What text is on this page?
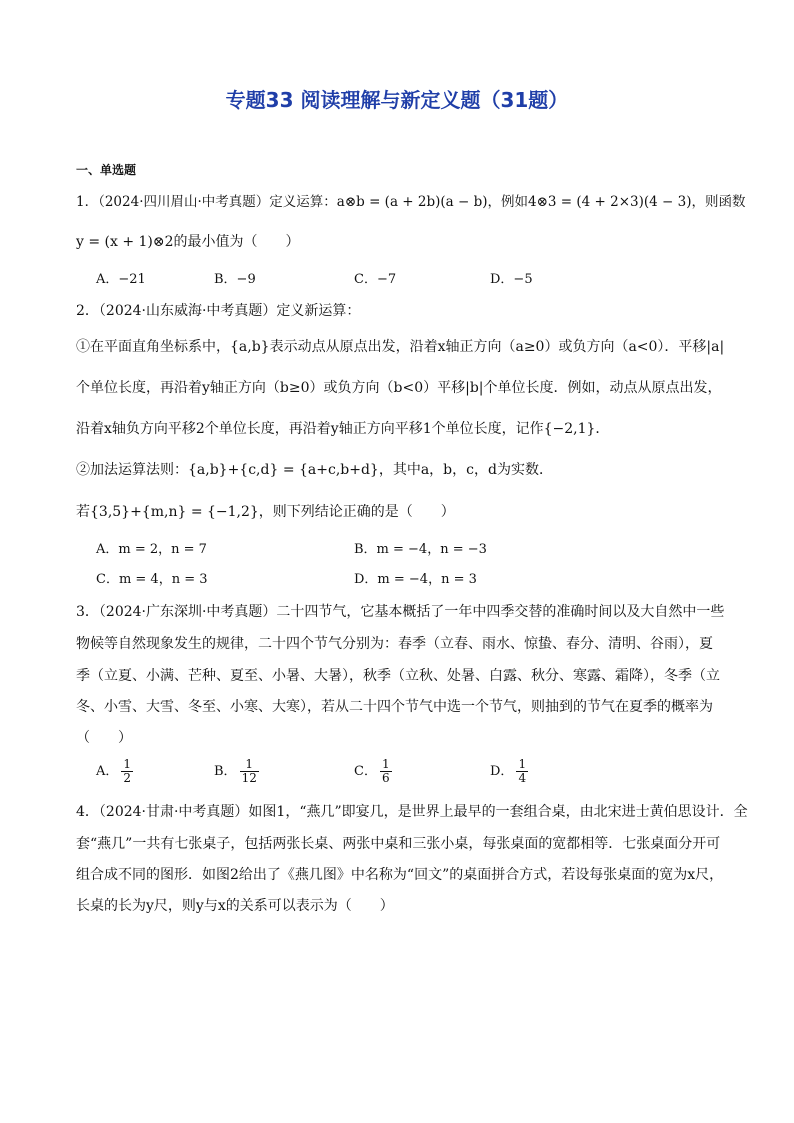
专题33 阅读理解与新定义题（31题）
一、单选题
1．（2024·四川眉山·中考真题）定义运算：a⊗b = (a + 2b)(a − b)，例如4⊗3 = (4 + 2×3)(4 − 3)，则函数
y = (x + 1)⊗2的最小值为（　　）
A．−21	B．−9	C．−7	D．−5
2．（2024·山东威海·中考真题）定义新运算：
①在平面直角坐标系中，{a,b}表示动点从原点出发，沿着x轴正方向（a≥0）或负方向（a<0）．平移|a|
个单位长度，再沿着y轴正方向（b≥0）或负方向（b<0）平移|b|个单位长度．例如，动点从原点出发，
沿着x轴负方向平移2个单位长度，再沿着y轴正方向平移1个单位长度，记作{−2,1}．
②加法运算法则：{a,b}+{c,d} = {a+c,b+d}，其中a，b，c，d为实数．
若{3,5}+{m,n} = {−1,2}，则下列结论正确的是（　　）
A．m = 2，n = 7	B．m = −4，n = −3
C．m = 4，n = 3	D．m = −4，n = 3
3．（2024·广东深圳·中考真题）二十四节气，它基本概括了一年中四季交替的准确时间以及大自然中一些
物候等自然现象发生的规律，二十四个节气分别为：春季（立春、雨水、惊蛰、春分、清明、谷雨），夏
季（立夏、小满、芒种、夏至、小暑、大暑），秋季（立秋、处暑、白露、秋分、寒露、霜降），冬季（立
冬、小雪、大雪、冬至、小寒、大寒），若从二十四个节气中选一个节气，则抽到的节气在夏季的概率为
（　　）
A． $\frac{1}{2}$	B． $\frac{1}{12}$	C． $\frac{1}{6}$	D． $\frac{1}{4}$
4．（2024·甘肃·中考真题）如图1，“燕几”即宴几，是世界上最早的一套组合桌，由北宋进士黄伯思设计．全
套“燕几”一共有七张桌子，包括两张长桌、两张中桌和三张小桌，每张桌面的宽都相等．七张桌面分开可
组合成不同的图形．如图2给出了《燕几图》中名称为“回文”的桌面拼合方式，若设每张桌面的宽为x尺，
长桌的长为y尺，则y与x的关系可以表示为（　　）
